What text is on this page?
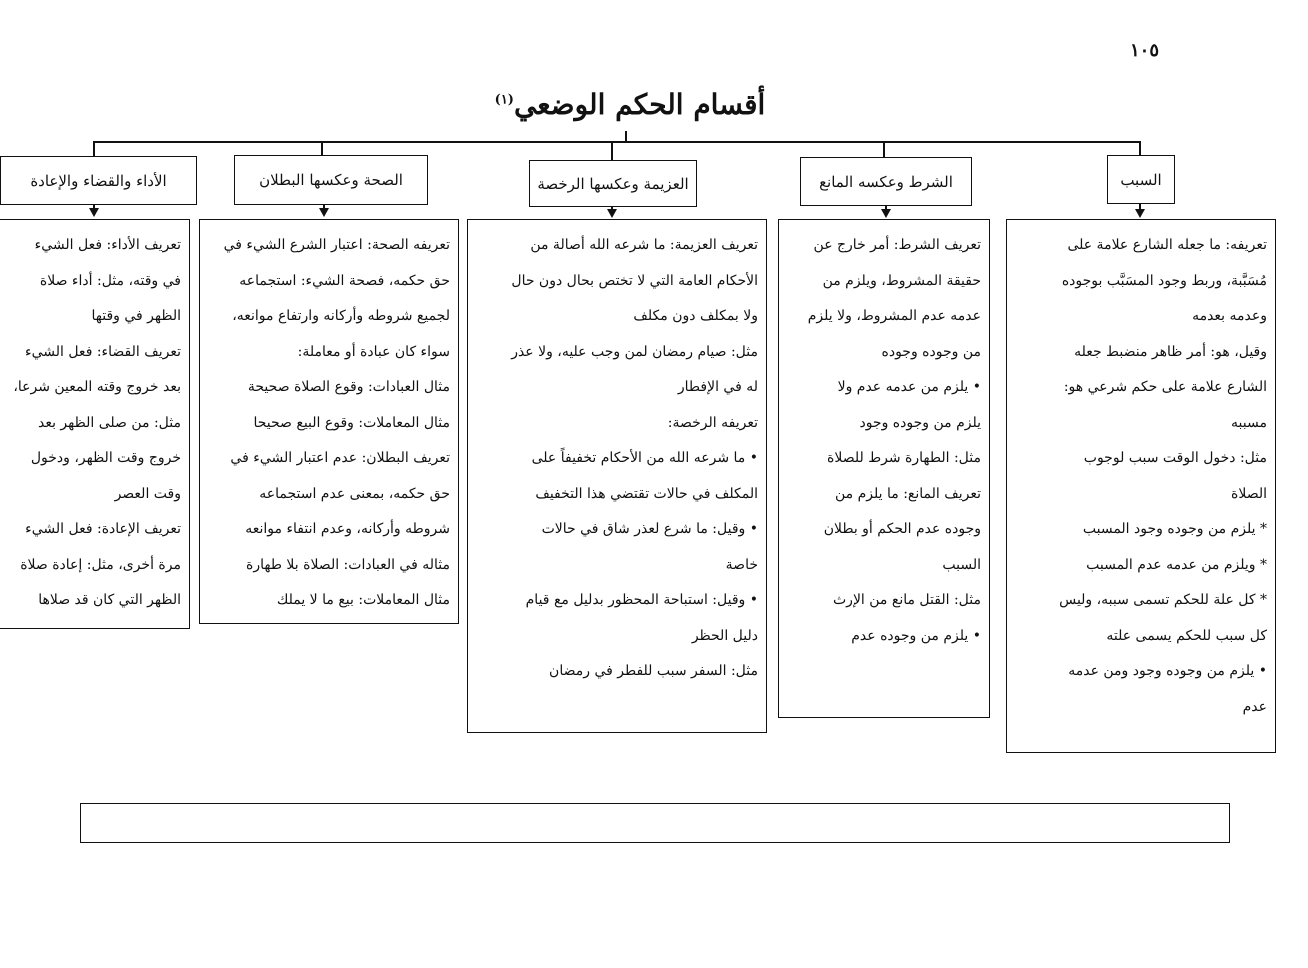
١٠٥
أقسام الحكم الوضعي$^{(١)}$
السبب
الشرط وعكسه المانع
العزيمة وعكسها الرخصة
الصحة وعكسها البطلان
الأداء والقضاء والإعادة

تعريفه: ما جعله الشارع علامة على

مُسَبَّبة، وربط وجود المسَبَّب بوجوده

وعدمه بعدمه

وقيل، هو: أمر ظاهر منضبط جعله

الشارع علامة على حكم شرعي هو:

مسببه

مثل: دخول الوقت سبب لوجوب

الصلاة

* يلزم من وجوده وجود المسبب

* ويلزم من عدمه عدم المسبب

* كل علة للحكم تسمى سببه، وليس

كل سبب للحكم يسمى علته

• يلزم من وجوده وجود ومن عدمه

عدم

تعريف الشرط: أمر خارج عن

حقيقة المشروط، ويلزم من

عدمه عدم المشروط، ولا يلزم

من وجوده وجوده

• يلزم من عدمه عدم ولا

يلزم من وجوده وجود

مثل: الطهارة شرط للصلاة

تعريف المانع: ما يلزم من

وجوده عدم الحكم أو بطلان

السبب

مثل: القتل مانع من الإرث

• يلزم من وجوده عدم

تعريف العزيمة: ما شرعه الله أصالة من

الأحكام العامة التي لا تختص بحال دون حال

ولا بمكلف دون مكلف

مثل: صيام رمضان لمن وجب عليه، ولا عذر

له في الإفطار

تعريفه الرخصة:

• ما شرعه الله من الأحكام تخفيفاً على

المكلف في حالات تقتضي هذا التخفيف

• وقيل: ما شرع لعذر شاق في حالات

خاصة

• وقيل: استباحة المحظور بدليل مع قيام

دليل الحظر

مثل: السفر سبب للفطر في رمضان

تعريفه الصحة: اعتبار الشرع الشيء في

حق حكمه، فصحة الشيء: استجماعه

لجميع شروطه وأركانه وارتفاع موانعه،

سواء كان عبادة أو معاملة:

مثال العبادات: وقوع الصلاة صحيحة

مثال المعاملات: وقوع البيع صحيحا

تعريف البطلان: عدم اعتبار الشيء في

حق حكمه، بمعنى عدم استجماعه

شروطه وأركانه، وعدم انتفاء موانعه

مثاله في العبادات: الصلاة بلا طهارة

مثال المعاملات: بيع ما لا يملك

تعريف الأداء: فعل الشيء

في وقته، مثل: أداء صلاة

الظهر في وقتها

تعريف القضاء: فعل الشيء

بعد خروج وقته المعين شرعا،

مثل: من صلى الظهر بعد

خروج وقت الظهر، ودخول

وقت العصر

تعريف الإعادة: فعل الشيء

مرة أخرى، مثل: إعادة صلاة

الظهر التي كان قد صلاها
